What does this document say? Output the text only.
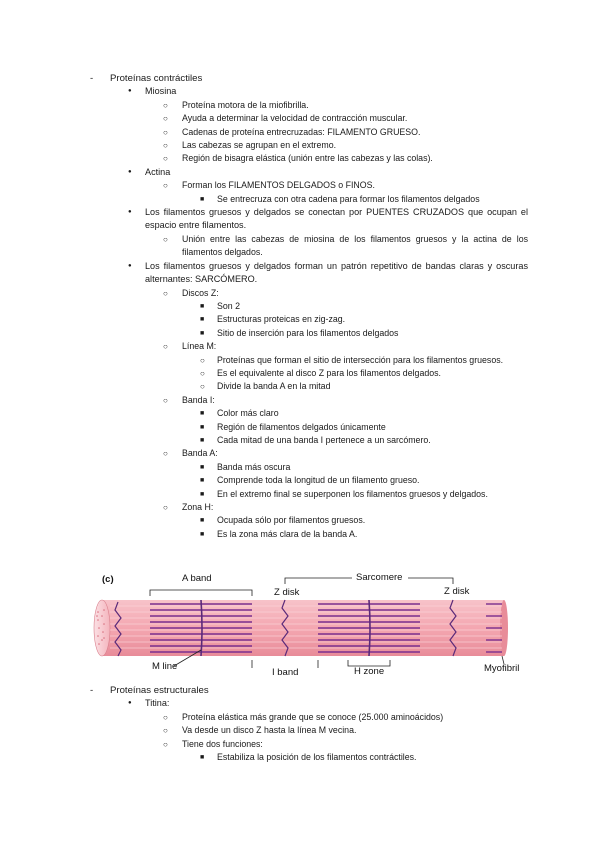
- Proteínas contráctiles
● Miosina
○ Proteína motora de la miofibrilla.
○ Ayuda a determinar la velocidad de contracción muscular.
○ Cadenas de proteína entrecruzadas: FILAMENTO GRUESO.
○ Las cabezas se agrupan en el extremo.
○ Región de bisagra elástica (unión entre las cabezas y las colas).
● Actina
○ Forman los FILAMENTOS DELGADOS o FINOS.
■ Se entrecruza con otra cadena para formar los filamentos delgados
● Los filamentos gruesos y delgados se conectan por PUENTES CRUZADOS que ocupan el espacio entre filamentos.
○ Unión entre las cabezas de miosina de los filamentos gruesos y la actina de los filamentos delgados.
● Los filamentos gruesos y delgados forman un patrón repetitivo de bandas claras y oscuras alternantes: SARCÓMERO.
○ Discos Z:
■ Son 2
■ Estructuras proteicas en zig-zag.
■ Sitio de inserción para los filamentos delgados
○ Línea M:
○ Proteínas que forman el sitio de intersección para los filamentos gruesos.
○ Es el equivalente al disco Z para los filamentos delgados.
○ Divide la banda A en la mitad
○ Banda I:
■ Color más claro
■ Región de filamentos delgados únicamente
■ Cada mitad de una banda I pertenece a un sarcómero.
○ Banda A:
■ Banda más oscura
■ Comprende toda la longitud de un filamento grueso.
■ En el extremo final se superponen los filamentos gruesos y delgados.
○ Zona H:
■ Ocupada sólo por filamentos gruesos.
■ Es la zona más clara de la banda A.
(c)	A band	Sarcomere
Z disk	Z disk
M line
I band	H zone	Myofibril
- Proteínas estructurales
● Titina:
○ Proteína elástica más grande que se conoce (25.000 aminoácidos)
○ Va desde un disco Z hasta la línea M vecina.
○ Tiene dos funciones:
■ Estabiliza la posición de los filamentos contráctiles.
